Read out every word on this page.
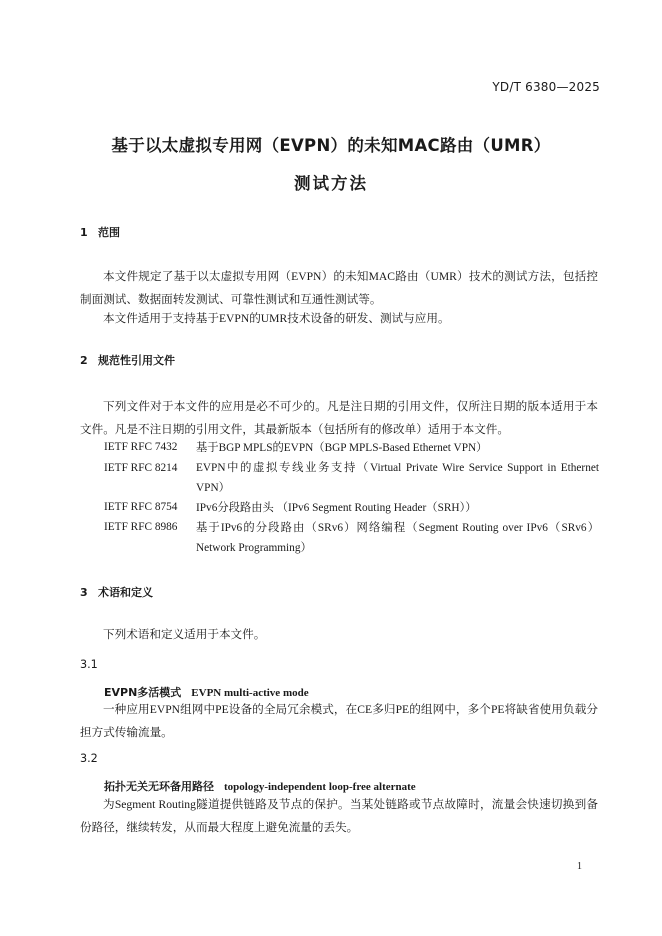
YD/T 6380—2025
基于以太虚拟专用网（EVPN）的未知MAC路由（UMR）
测试方法
1 范围
本文件规定了基于以太虚拟专用网（EVPN）的未知MAC路由（UMR）技术的测试方法，包括控制面测试、数据面转发测试、可靠性测试和互通性测试等。
本文件适用于支持基于EVPN的UMR技术设备的研发、测试与应用。
2 规范性引用文件
下列文件对于本文件的应用是必不可少的。凡是注日期的引用文件，仅所注日期的版本适用于本文件。凡是不注日期的引用文件，其最新版本（包括所有的修改单）适用于本文件。
IETF RFC 7432 基于BGP MPLS的EVPN（BGP MPLS-Based Ethernet VPN）
IETF RFC 8214 EVPN中的虚拟专线业务支持（Virtual Private Wire Service Support in Ethernet VPN）
IETF RFC 8754 IPv6分段路由头 （IPv6 Segment Routing Header（SRH））
IETF RFC 8986 基于IPv6的分段路由（SRv6）网络编程（Segment Routing over IPv6（SRv6）Network Programming）
3 术语和定义
下列术语和定义适用于本文件。
3.1
EVPN多活模式 EVPN multi-active mode
一种应用EVPN组网中PE设备的全局冗余模式，在CE多归PE的组网中，多个PE将缺省使用负载分担方式传输流量。
3.2
拓扑无关无环备用路径 topology-independent loop-free alternate
为Segment Routing隧道提供链路及节点的保护。当某处链路或节点故障时，流量会快速切换到备份路径，继续转发，从而最大程度上避免流量的丢失。
1
